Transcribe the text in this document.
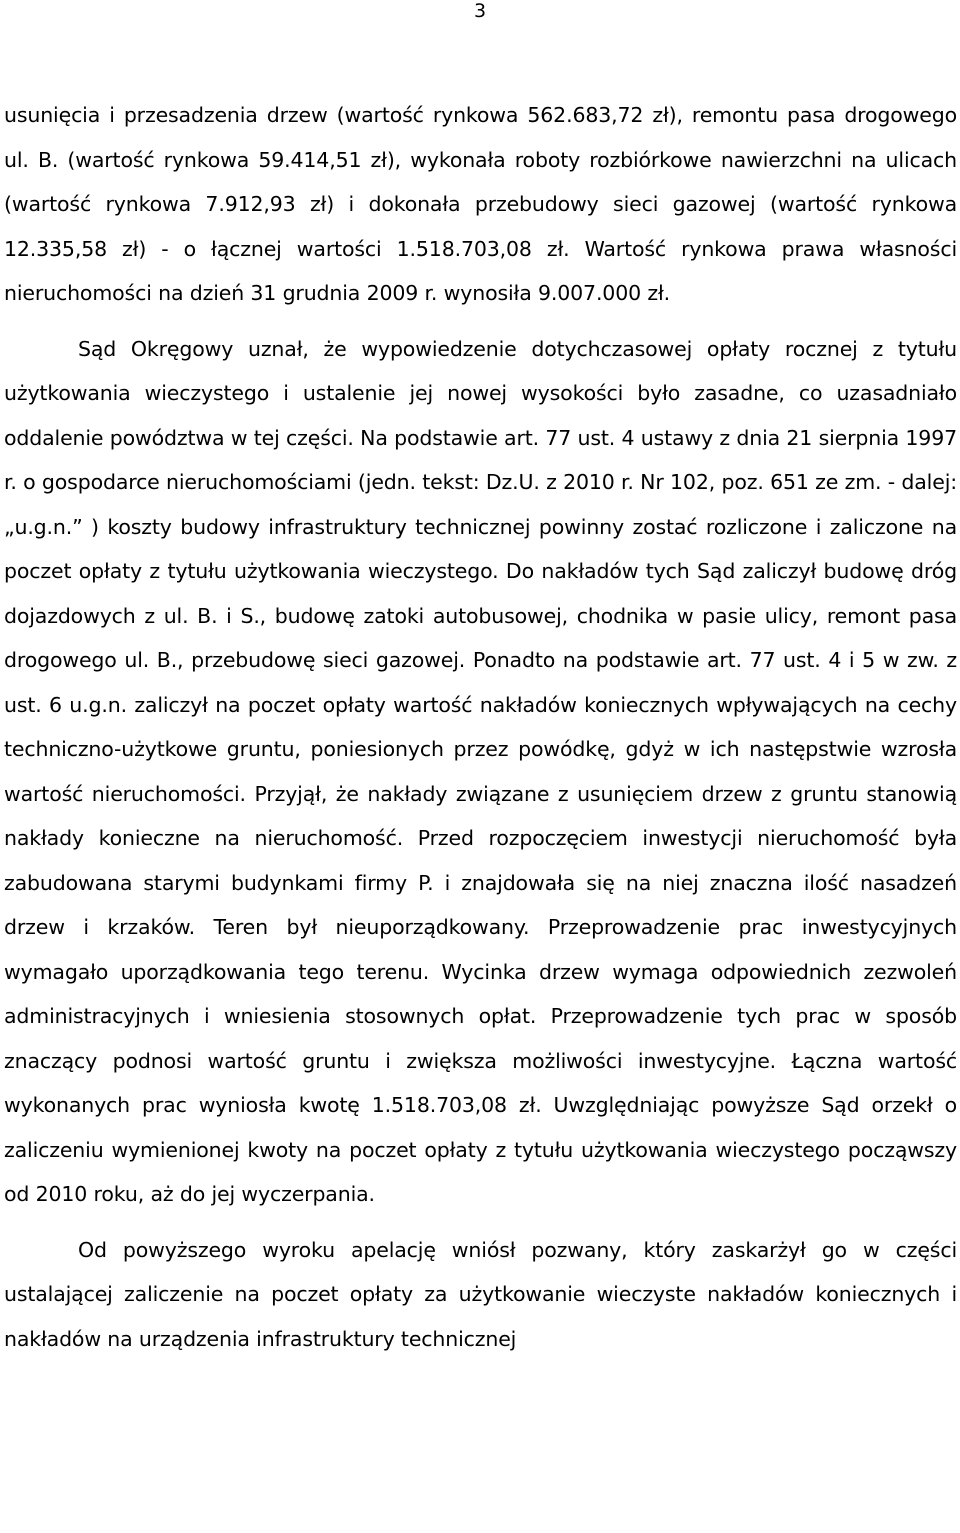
3

usunięcia i przesadzenia drzew (wartość rynkowa 562.683,72 zł), remontu pasa drogowego ul. B. (wartość rynkowa 59.414,51 zł), wykonała roboty rozbiórkowe nawierzchni na ulicach (wartość rynkowa 7.912,93 zł) i dokonała przebudowy sieci gazowej (wartość rynkowa 12.335,58 zł) - o łącznej wartości 1.518.703,08 zł. Wartość rynkowa prawa własności nieruchomości na dzień 31 grudnia 2009 r. wynosiła 9.007.000 zł.

Sąd Okręgowy uznał, że wypowiedzenie dotychczasowej opłaty rocznej z tytułu użytkowania wieczystego i ustalenie jej nowej wysokości było zasadne, co uzasadniało oddalenie powództwa w tej części. Na podstawie art. 77 ust. 4 ustawy z dnia 21 sierpnia 1997 r. o gospodarce nieruchomościami (jedn. tekst: Dz.U. z 2010 r. Nr 102, poz. 651 ze zm. - dalej: „u.g.n.” ) koszty budowy infrastruktury technicznej powinny zostać rozliczone i zaliczone na poczet opłaty z tytułu użytkowania wieczystego. Do nakładów tych Sąd zaliczył budowę dróg dojazdowych z ul. B. i S., budowę zatoki autobusowej, chodnika w pasie ulicy, remont pasa drogowego ul. B., przebudowę sieci gazowej. Ponadto na podstawie art. 77 ust. 4 i 5 w zw. z ust. 6 u.g.n. zaliczył na poczet opłaty wartość nakładów koniecznych wpływających na cechy techniczno-użytkowe gruntu, poniesionych przez powódkę, gdyż w ich następstwie wzrosła wartość nieruchomości. Przyjął, że nakłady związane z usunięciem drzew z gruntu stanowią nakłady konieczne na nieruchomość. Przed rozpoczęciem inwestycji nieruchomość była zabudowana starymi budynkami firmy P. i znajdowała się na niej znaczna ilość nasadzeń drzew i krzaków. Teren był nieuporządkowany. Przeprowadzenie prac inwestycyjnych wymagało uporządkowania tego terenu. Wycinka drzew wymaga odpowiednich zezwoleń administracyjnych i wniesienia stosownych opłat. Przeprowadzenie tych prac w sposób znaczący podnosi wartość gruntu i zwiększa możliwości inwestycyjne. Łączna wartość wykonanych prac wyniosła kwotę 1.518.703,08 zł. Uwzględniając powyższe Sąd orzekł o zaliczeniu wymienionej kwoty na poczet opłaty z tytułu użytkowania wieczystego począwszy od 2010 roku, aż do jej wyczerpania.

Od powyższego wyroku apelację wniósł pozwany, który zaskarżył go w części ustalającej zaliczenie na poczet opłaty za użytkowanie wieczyste nakładów koniecznych i nakładów na urządzenia infrastruktury technicznej
